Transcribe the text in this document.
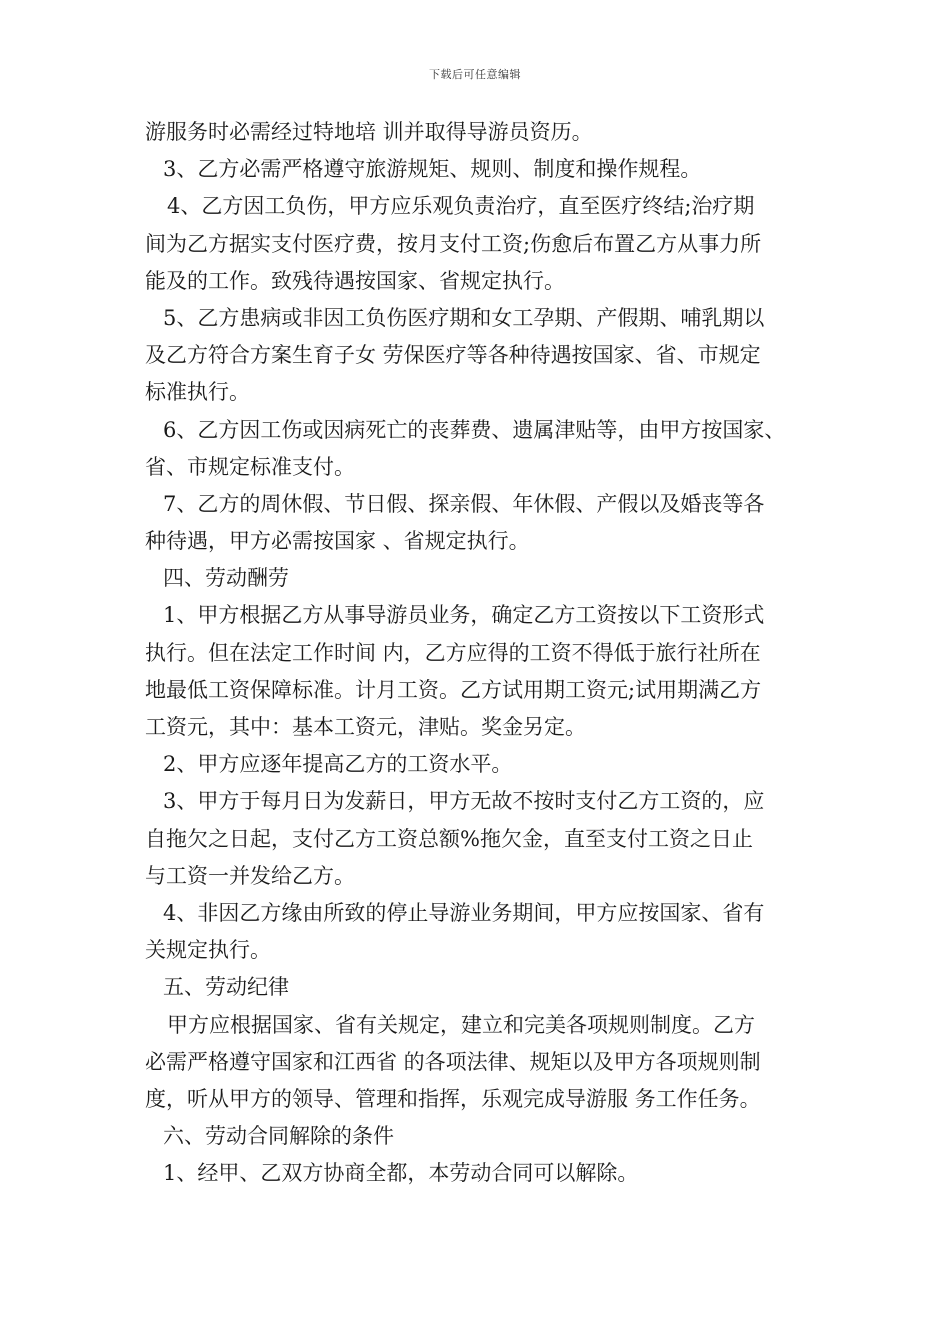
下载后可任意编辑
游服务时必需经过特地培 训并取得导游员资历。
3、乙方必需严格遵守旅游规矩、规则、制度和操作规程。
4、乙方因工负伤，甲方应乐观负责治疗，直至医疗终结;治疗期
间为乙方据实支付医疗费，按月支付工资;伤愈后布置乙方从事力所
能及的工作。致残待遇按国家、省规定执行。
5、乙方患病或非因工负伤医疗期和女工孕期、产假期、哺乳期以
及乙方符合方案生育子女 劳保医疗等各种待遇按国家、省、市规定
标准执行。
6、乙方因工伤或因病死亡的丧葬费、遗属津贴等，由甲方按国家、
省、市规定标准支付。
7、乙方的周休假、节日假、探亲假、年休假、产假以及婚丧等各
种待遇，甲方必需按国家 、省规定执行。
四、劳动酬劳
1、甲方根据乙方从事导游员业务，确定乙方工资按以下工资形式
执行。但在法定工作时间 内，乙方应得的工资不得低于旅行社所在
地最低工资保障标准。计月工资。乙方试用期工资元;试用期满乙方
工资元，其中：基本工资元，津贴。奖金另定。
2、甲方应逐年提高乙方的工资水平。
3、甲方于每月日为发薪日，甲方无故不按时支付乙方工资的，应
自拖欠之日起，支付乙方工资总额%拖欠金，直至支付工资之日止
与工资一并发给乙方。
4、非因乙方缘由所致的停止导游业务期间，甲方应按国家、省有
关规定执行。
五、劳动纪律
甲方应根据国家、省有关规定，建立和完美各项规则制度。乙方
必需严格遵守国家和江西省 的各项法律、规矩以及甲方各项规则制
度，听从甲方的领导、管理和指挥，乐观完成导游服 务工作任务。
六、劳动合同解除的条件
1、经甲、乙双方协商全都，本劳动合同可以解除。
